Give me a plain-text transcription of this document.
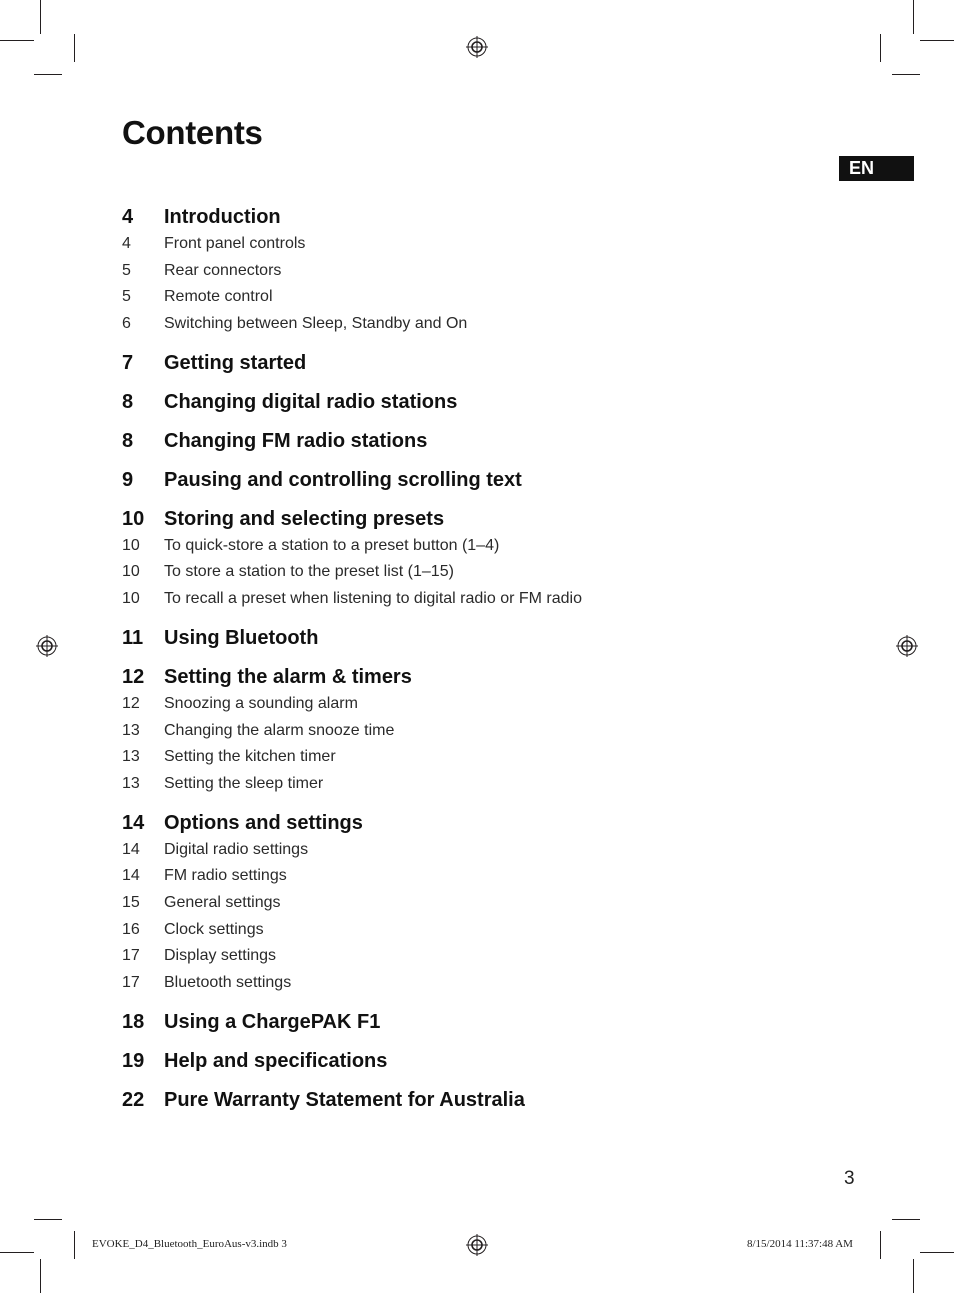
Contents
EN
4	Introduction
4	Front panel controls
5	Rear connectors
5	Remote control
6	Switching between Sleep, Standby and On
7	Getting started
8	Changing digital radio stations
8	Changing FM radio stations
9	Pausing and controlling scrolling text
10 Storing and selecting presets
10	To quick-store a station to a preset button (1–4)
10	To store a station to the preset list (1–15)
10	To recall a preset when listening to digital radio or FM radio
11	Using Bluetooth
12 Setting the alarm & timers
12	Snoozing a sounding alarm
13	Changing the alarm snooze time
13	Setting the kitchen timer
13	Setting the sleep timer
14 Options and settings
14	Digital radio settings
14	FM radio settings
15	General settings
16	Clock settings
17	Display settings
17	Bluetooth settings
18 Using a ChargePAK F1
19 Help and specifications
22 Pure Warranty Statement for Australia
3
EVOKE_D4_Bluetooth_EuroAus-v3.indb 3	8/15/2014 11:37:48 AM
